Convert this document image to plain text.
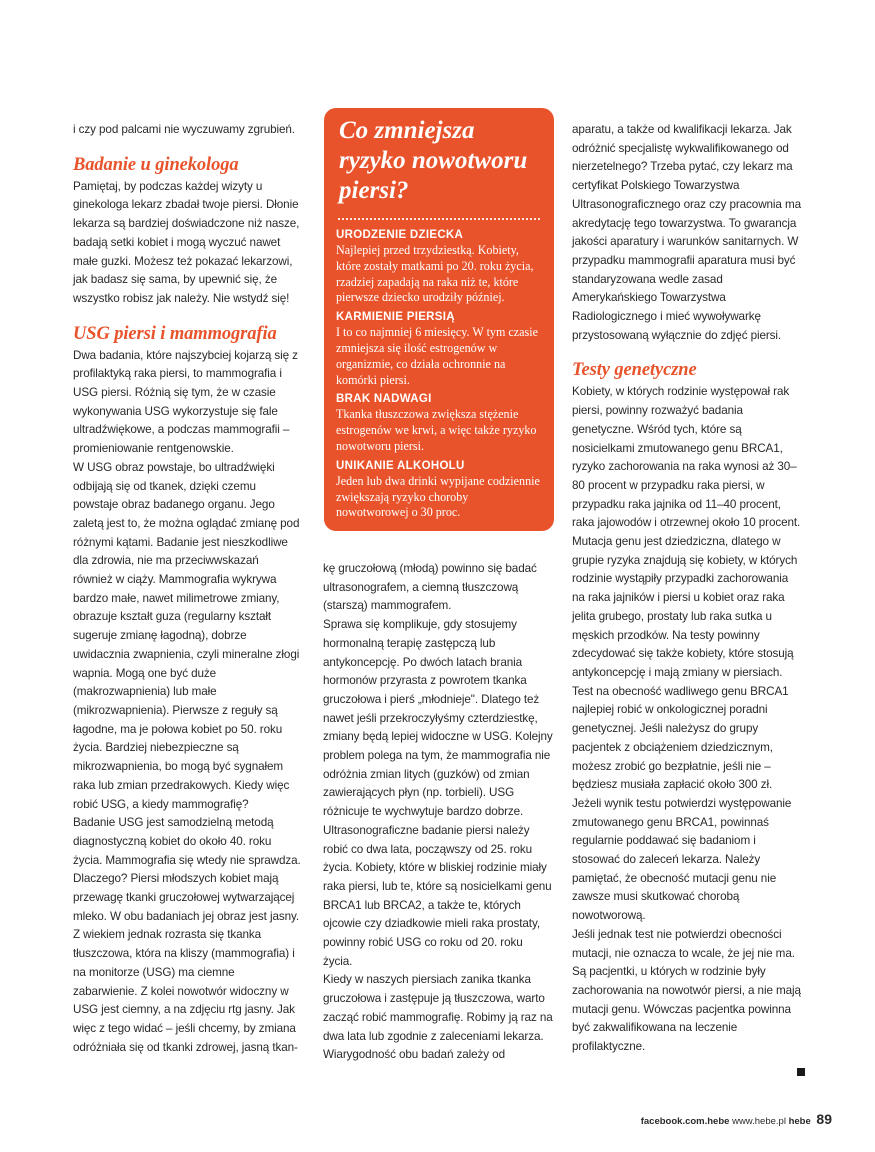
i czy pod palcami nie wyczuwamy zgrubień.

Badanie u ginekologa

Pamiętaj, by podczas każdej wizyty u ginekologa lekarz zbadał twoje piersi. Dłonie lekarza są bardziej doświadczone niż nasze, badają setki kobiet i mogą wyczuć nawet małe guzki. Możesz też pokazać lekarzowi, jak badasz się sama, by upewnić się, że wszystko robisz jak należy. Nie wstydź się!

USG piersi i mammografia

Dwa badania, które najszybciej kojarzą się z profilaktyką raka piersi, to mammografia i USG piersi. Różnią się tym, że w czasie wykonywania USG wykorzystuje się fale ultradźwiękowe, a podczas mammografii – promieniowanie rentgenowskie.

W USG obraz powstaje, bo ultradźwięki odbijają się od tkanek, dzięki czemu powstaje obraz badanego organu. Jego zaletą jest to, że można oglądać zmianę pod różnymi kątami. Badanie jest nieszkodliwe dla zdrowia, nie ma przeciwwskazań również w ciąży. Mammografia wykrywa bardzo małe, nawet milimetrowe zmiany, obrazuje kształt guza (regularny kształt sugeruje zmianę łagodną), dobrze uwidacznia zwapnienia, czyli mineralne złogi wapnia. Mogą one być duże (makrozwapnienia) lub małe (mikrozwapnienia). Pierwsze z reguły są łagodne, ma je połowa kobiet po 50. roku życia. Bardziej niebezpieczne są mikrozwapnienia, bo mogą być sygnałem raka lub zmian przedrakowych. Kiedy więc robić USG, a kiedy mammografię?

Badanie USG jest samodzielną metodą diagnostyczną kobiet do około 40. roku życia. Mammografia się wtedy nie sprawdza. Dlaczego? Piersi młodszych kobiet mają przewagę tkanki gruczołowej wytwarzającej mleko. W obu badaniach jej obraz jest jasny. Z wiekiem jednak rozrasta się tkanka tłuszczowa, która na kliszy (mammografia) i na monitorze (USG) ma ciemne zabarwienie. Z kolei nowotwór widoczny w USG jest ciemny, a na zdjęciu rtg jasny. Jak więc z tego widać – jeśli chcemy, by zmiana odróżniała się od tkanki zdrowej, jasną tkan-

Co zmniejsza ryzyko nowotworu piersi?
URODZENIE DZIECKA

Najlepiej przed trzydziestką. Kobiety, które zostały matkami po 20. roku życia, rzadziej zapadają na raka niż te, które pierwsze dziecko urodziły później.

KARMIENIE PIERSIĄ

I to co najmniej 6 miesięcy. W tym czasie zmniejsza się ilość estrogenów w organizmie, co działa ochronnie na komórki piersi.

BRAK NADWAGI

Tkanka tłuszczowa zwiększa stężenie estrogenów we krwi, a więc także ryzyko nowotworu piersi.

UNIKANIE ALKOHOLU

Jeden lub dwa drinki wypijane codziennie zwiększają ryzyko choroby nowotworowej o 30 proc.

kę gruczołową (młodą) powinno się badać ultrasonografem, a ciemną tłuszczową (starszą) mammografem.

Sprawa się komplikuje, gdy stosujemy hormonalną terapię zastępczą lub antykoncepcję. Po dwóch latach brania hormonów przyrasta z powrotem tkanka gruczołowa i pierś „młodnieje". Dlatego też nawet jeśli przekroczyłyśmy czterdziestkę, zmiany będą lepiej widoczne w USG. Kolejny problem polega na tym, że mammografia nie odróżnia zmian litych (guzków) od zmian zawierających płyn (np. torbieli). USG różnicuje te wychwytuje bardzo dobrze.

Ultrasonograficzne badanie piersi należy robić co dwa lata, począwszy od 25. roku życia. Kobiety, które w bliskiej rodzinie miały raka piersi, lub te, które są nosicielkami genu BRCA1 lub BRCA2, a także te, których ojcowie czy dziadkowie mieli raka prostaty, powinny robić USG co roku od 20. roku życia.

Kiedy w naszych piersiach zanika tkanka gruczołowa i zastępuje ją tłuszczowa, warto zacząć robić mammografię. Robimy ją raz na dwa lata lub zgodnie z zaleceniami lekarza. Wiarygodność obu badań zależy od

aparatu, a także od kwalifikacji lekarza. Jak odróżnić specjalistę wykwalifikowanego od nierzetelnego? Trzeba pytać, czy lekarz ma certyfikat Polskiego Towarzystwa Ultrasonograficznego oraz czy pracownia ma akredytację tego towarzystwa. To gwarancja jakości aparatury i warunków sanitarnych. W przypadku mammografii aparatura musi być standaryzowana wedle zasad Amerykańskiego Towarzystwa Radiologicznego i mieć wywoływarkę przystosowaną wyłącznie do zdjęć piersi.

Testy genetyczne

Kobiety, w których rodzinie występował rak piersi, powinny rozważyć badania genetyczne. Wśród tych, które są nosicielkami zmutowanego genu BRCA1, ryzyko zachorowania na raka wynosi aż 30–80 procent w przypadku raka piersi, w przypadku raka jajnika od 11–40 procent, raka jajowodów i otrzewnej około 10 procent. Mutacja genu jest dziedziczna, dlatego w grupie ryzyka znajdują się kobiety, w których rodzinie wystąpiły przypadki zachorowania na raka jajników i piersi u kobiet oraz raka jelita grubego, prostaty lub raka sutka u męskich przodków. Na testy powinny zdecydować się także kobiety, które stosują antykoncepcję i mają zmiany w piersiach.

Test na obecność wadliwego genu BRCA1 najlepiej robić w onkologicznej poradni genetycznej. Jeśli należysz do grupy pacjentek z obciążeniem dziedzicznym, możesz zrobić go bezpłatnie, jeśli nie – będziesz musiała zapłacić około 300 zł.

Jeżeli wynik testu potwierdzi występowanie zmutowanego genu BRCA1, powinnaś regularnie poddawać się badaniom i stosować do zaleceń lekarza. Należy pamiętać, że obecność mutacji genu nie zawsze musi skutkować chorobą nowotworową.

Jeśli jednak test nie potwierdzi obecności mutacji, nie oznacza to wcale, że jej nie ma. Są pacjentki, u których w rodzinie były zachorowania na nowotwór piersi, a nie mają mutacji genu. Wówczas pacjentka powinna być zakwalifikowana na leczenie profilaktyczne.

facebook.com.hebe www.hebe.pl hebe 89
